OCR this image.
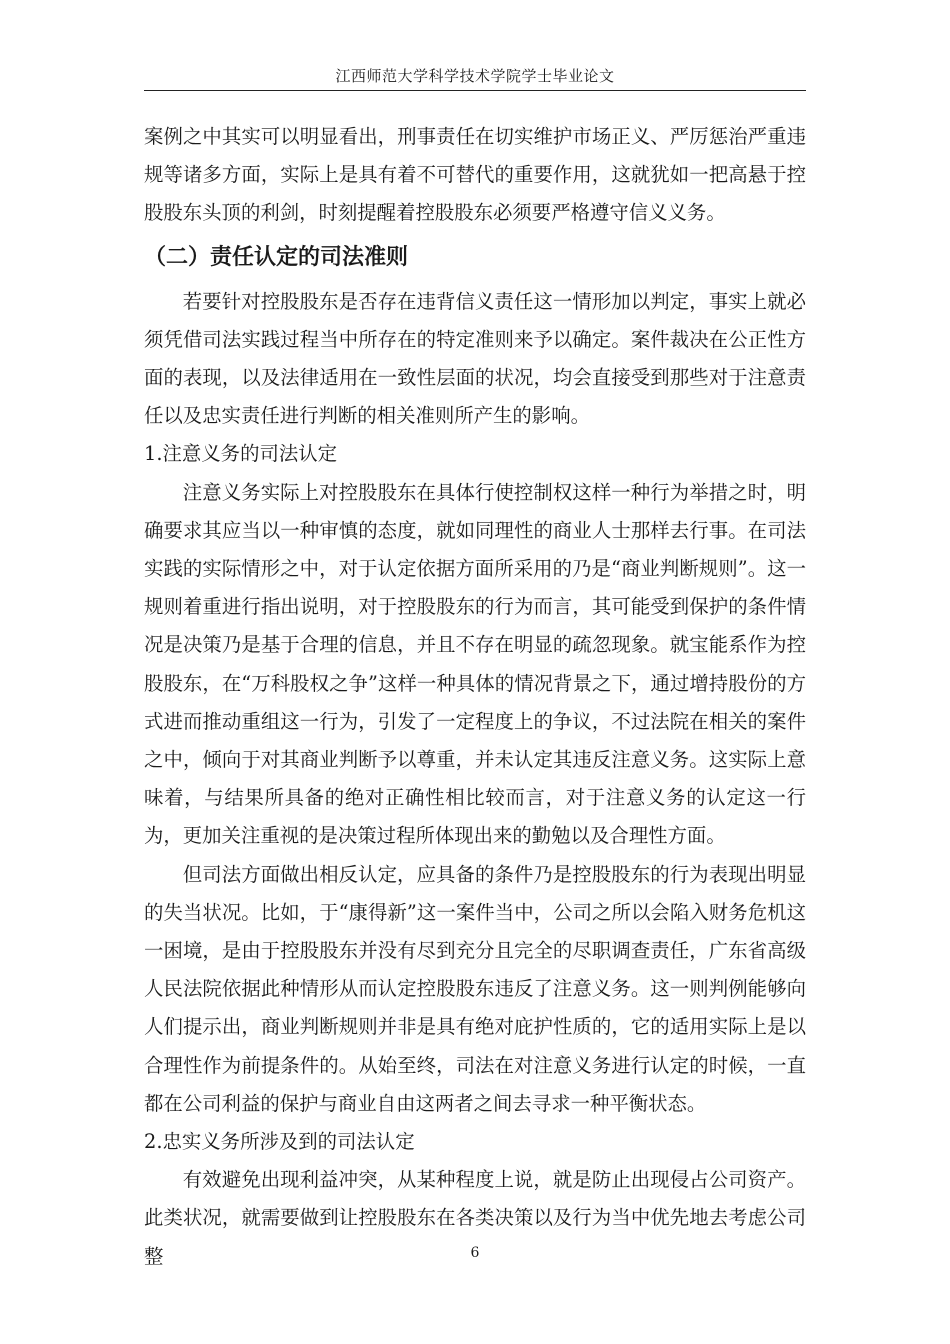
江西师范大学科学技术学院学士毕业论文

案例之中其实可以明显看出，刑事责任在切实维护市场正义、严厉惩治严重违规等诸多方面，实际上是具有着不可替代的重要作用，这就犹如一把高悬于控股股东头顶的利剑，时刻提醒着控股股东必须要严格遵守信义义务。

（二）责任认定的司法准则

若要针对控股股东是否存在违背信义责任这一情形加以判定，事实上就必须凭借司法实践过程当中所存在的特定准则来予以确定。案件裁决在公正性方面的表现，以及法律适用在一致性层面的状况，均会直接受到那些对于注意责任以及忠实责任进行判断的相关准则所产生的影响。

1.注意义务的司法认定

注意义务实际上对控股股东在具体行使控制权这样一种行为举措之时，明确要求其应当以一种审慎的态度，就如同理性的商业人士那样去行事。在司法实践的实际情形之中，对于认定依据方面所采用的乃是“商业判断规则”。这一规则着重进行指出说明，对于控股股东的行为而言，其可能受到保护的条件情况是决策乃是基于合理的信息，并且不存在明显的疏忽现象。就宝能系作为控股股东，在“万科股权之争”这样一种具体的情况背景之下，通过增持股份的方式进而推动重组这一行为，引发了一定程度上的争议，不过法院在相关的案件之中，倾向于对其商业判断予以尊重，并未认定其违反注意义务。这实际上意味着，与结果所具备的绝对正确性相比较而言，对于注意义务的认定这一行为，更加关注重视的是决策过程所体现出来的勤勉以及合理性方面。

但司法方面做出相反认定，应具备的条件乃是控股股东的行为表现出明显的失当状况。比如，于“康得新”这一案件当中，公司之所以会陷入财务危机这一困境，是由于控股股东并没有尽到充分且完全的尽职调查责任，广东省高级人民法院依据此种情形从而认定控股股东违反了注意义务。这一则判例能够向人们提示出，商业判断规则并非是具有绝对庇护性质的，它的适用实际上是以合理性作为前提条件的。从始至终，司法在对注意义务进行认定的时候，一直都在公司利益的保护与商业自由这两者之间去寻求一种平衡状态。

2.忠实义务所涉及到的司法认定

有效避免出现利益冲突，从某种程度上说，就是防止出现侵占公司资产。此类状况，就需要做到让控股股东在各类决策以及行为当中优先地去考虑公司整	6
